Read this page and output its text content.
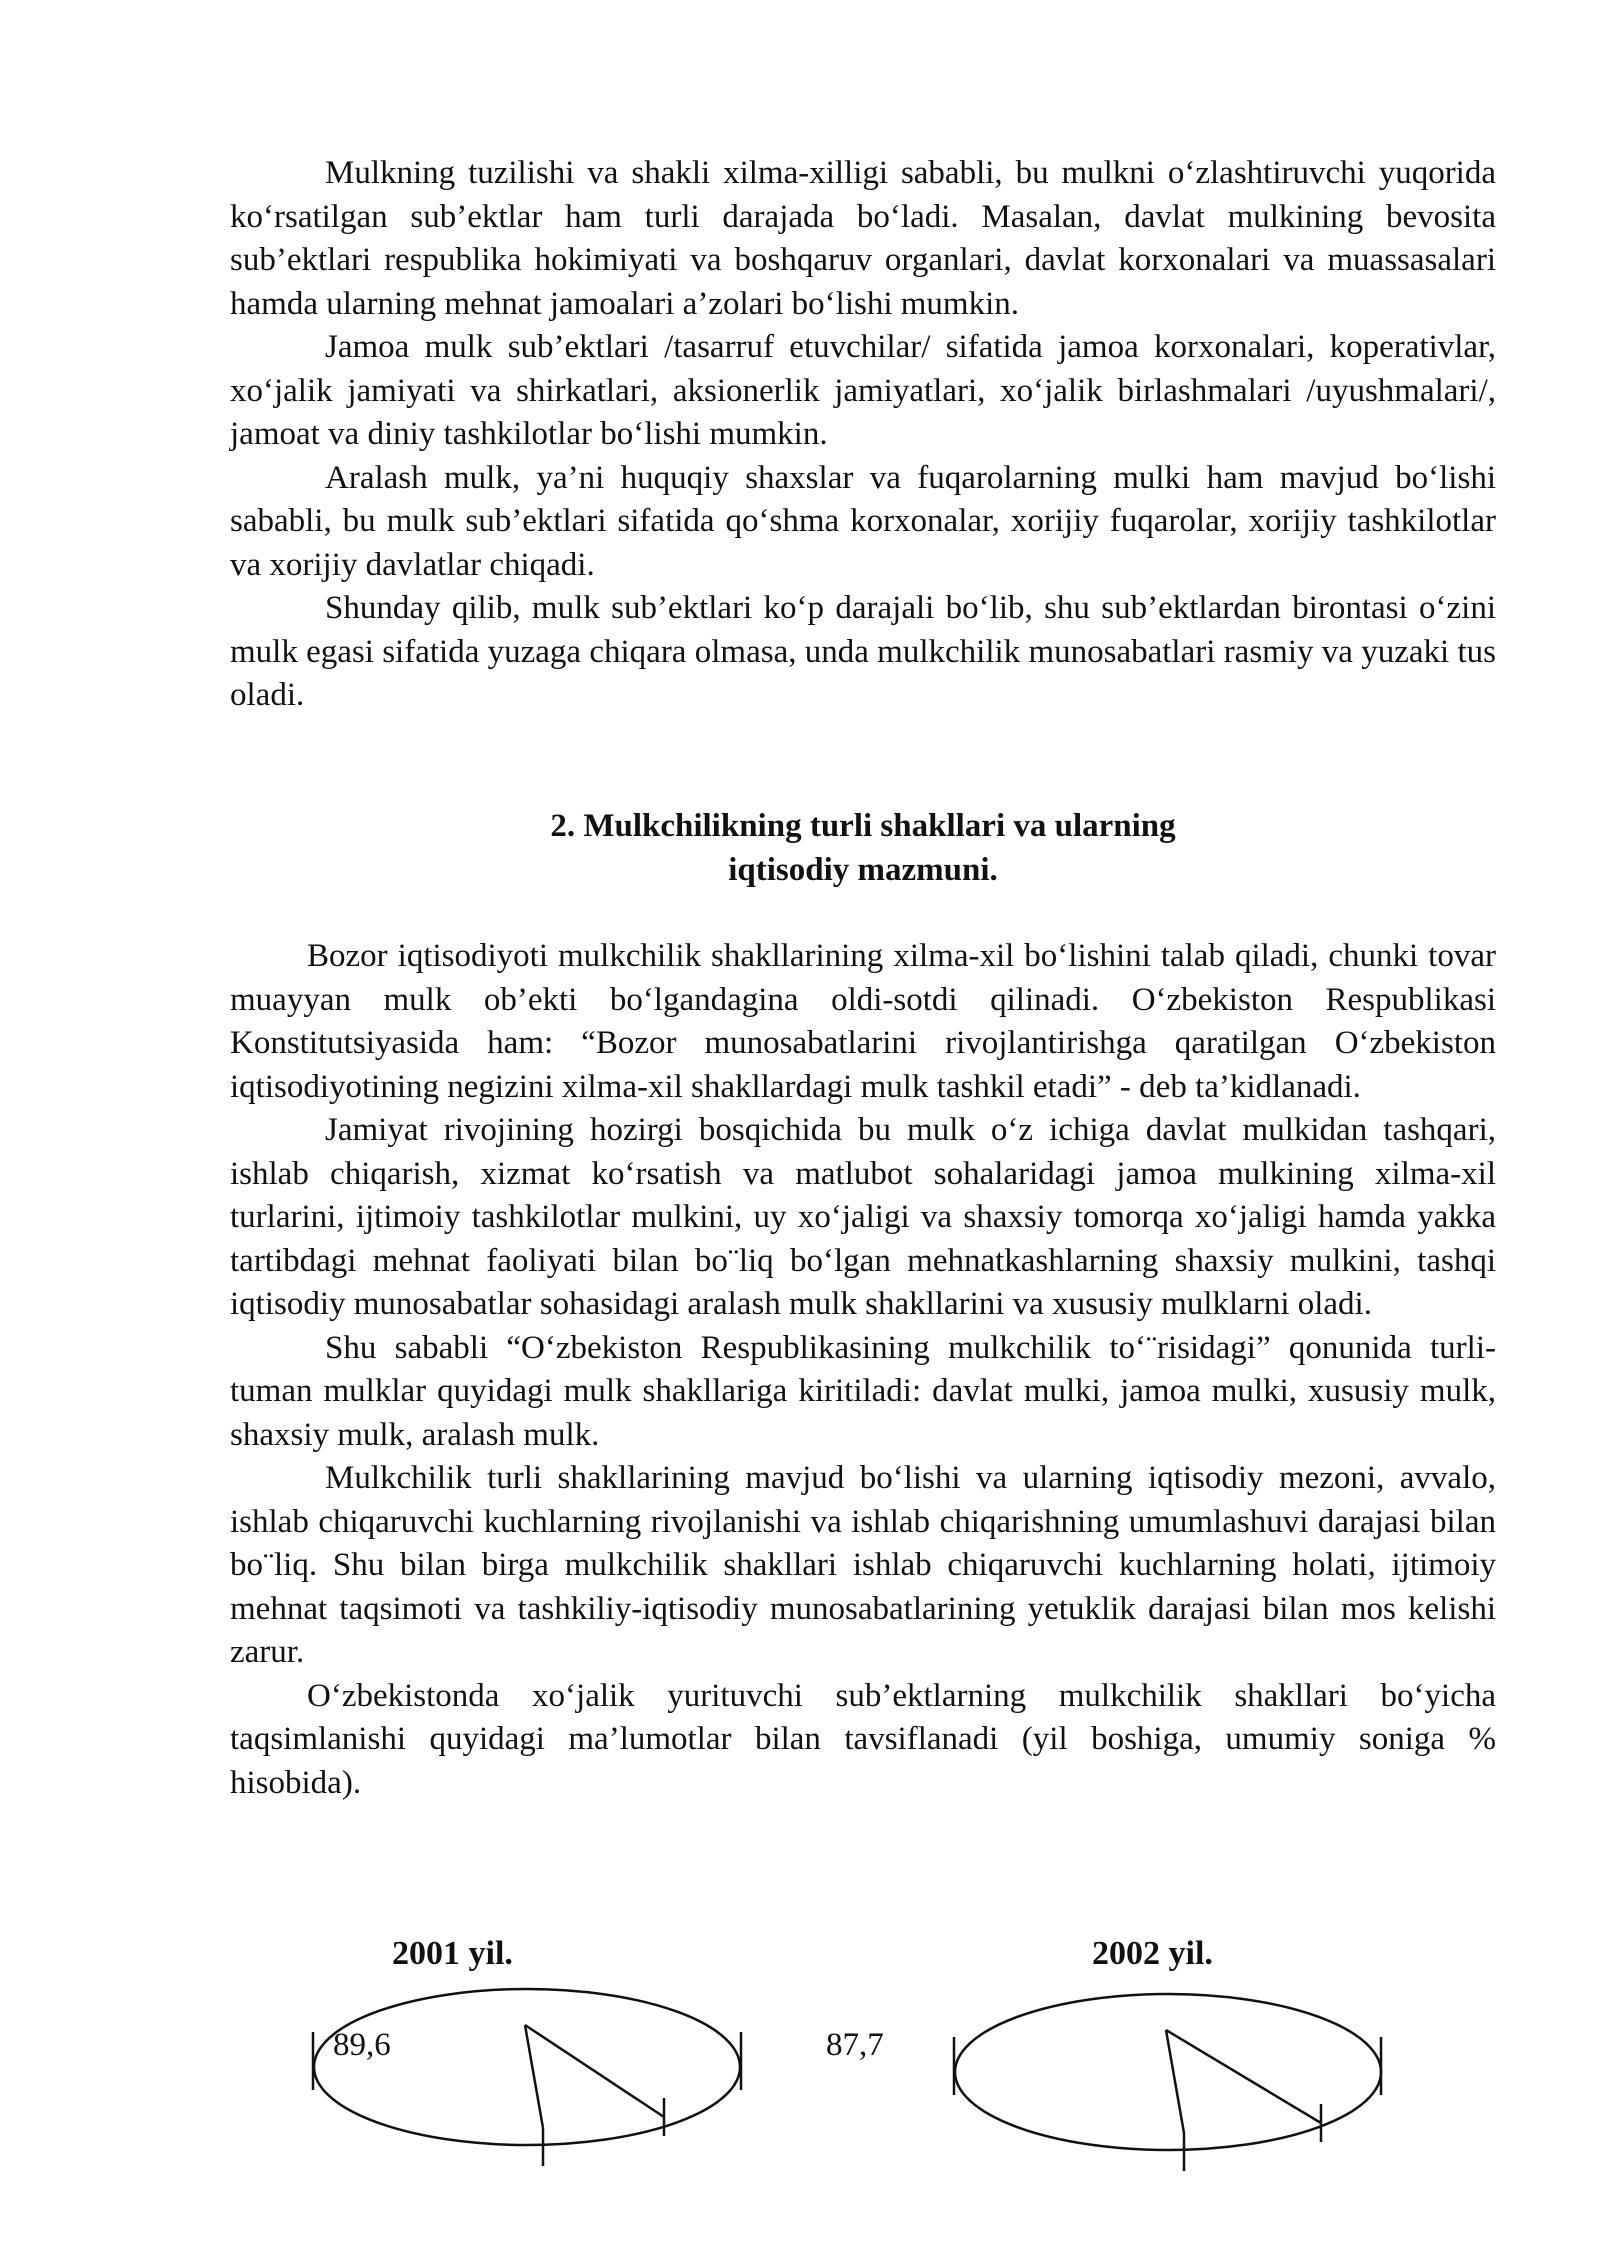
Mulkning tuzilishi va shakli xilma-xilligi sababli, bu mulkni o‘zlashtiruvchi yuqorida ko‘rsatilgan sub’ektlar ham turli darajada bo‘ladi. Masalan, davlat mulkining bevosita sub’ektlari respublika hokimiyati va boshqaruv organlari, davlat korxonalari va muassasalari hamda ularning mehnat jamoalari a’zolari bo‘lishi mumkin.

Jamoa mulk sub’ektlari /tasarruf etuvchilar/ sifatida jamoa korxonalari, koperativlar, xo‘jalik jamiyati va shirkatlari, aksionerlik jamiyatlari, xo‘jalik birlashmalari /uyushmalari/, jamoat va diniy tashkilotlar bo‘lishi mumkin.

Aralash mulk, ya’ni huquqiy shaxslar va fuqarolarning mulki ham mavjud bo‘lishi sababli, bu mulk sub’ektlari sifatida qo‘shma korxonalar, xorijiy fuqarolar, xorijiy tashkilotlar va xorijiy davlatlar chiqadi.

Shunday qilib, mulk sub’ektlari ko‘p darajali bo‘lib, shu sub’ektlardan birontasi o‘zini mulk egasi sifatida yuzaga chiqara olmasa, unda mulkchilik munosabatlari rasmiy va yuzaki tus oladi.

2. Mulkchilikning turli shakllari va ularning
iqtisodiy mazmuni.

Bozor iqtisodiyoti mulkchilik shakllarining xilma-xil bo‘lishini talab qiladi, chunki tovar muayyan mulk ob’ekti bo‘lgandagina oldi-sotdi qilinadi. O‘zbekiston Respublikasi Konstitutsiyasida ham: “Bozor munosabatlarini rivojlantirishga qaratilgan O‘zbekiston iqtisodiyotining negizini xilma-xil shakllardagi mulk tashkil etadi” - deb ta’kidlanadi.

Jamiyat rivojining hozirgi bosqichida bu mulk o‘z ichiga davlat mulkidan tashqari, ishlab chiqarish, xizmat ko‘rsatish va matlubot sohalaridagi jamoa mulkining xilma-xil turlarini, ijtimoiy tashkilotlar mulkini, uy xo‘jaligi va shaxsiy tomorqa xo‘jaligi hamda yakka tartibdagi mehnat faoliyati bilan bo¨liq bo‘lgan mehnatkashlarning shaxsiy mulkini, tashqi iqtisodiy munosabatlar sohasidagi aralash mulk shakllarini va xususiy mulklarni oladi.

Shu sababli “O‘zbekiston Respublikasining mulkchilik to‘¨risidagi” qonunida turli-tuman mulklar quyidagi mulk shakllariga kiritiladi: davlat mulki, jamoa mulki, xususiy mulk, shaxsiy mulk, aralash mulk.

Mulkchilik turli shakllarining mavjud bo‘lishi va ularning iqtisodiy mezoni, avvalo, ishlab chiqaruvchi kuchlarning rivojlanishi va ishlab chiqarishning umumlashuvi darajasi bilan bo¨liq. Shu bilan birga mulkchilik shakllari ishlab chiqaruvchi kuchlarning holati, ijtimoiy mehnat taqsimoti va tashkiliy-iqtisodiy munosabatlarining yetuklik darajasi bilan mos kelishi zarur.

O‘zbekistonda xo‘jalik yurituvchi sub’ektlarning mulkchilik shakllari bo‘yicha taqsimlanishi quyidagi ma’lumotlar bilan tavsiflanadi (yil boshiga, umumiy soniga % hisobida).

2001 yil.	2002 yil.
89,6	87,7
